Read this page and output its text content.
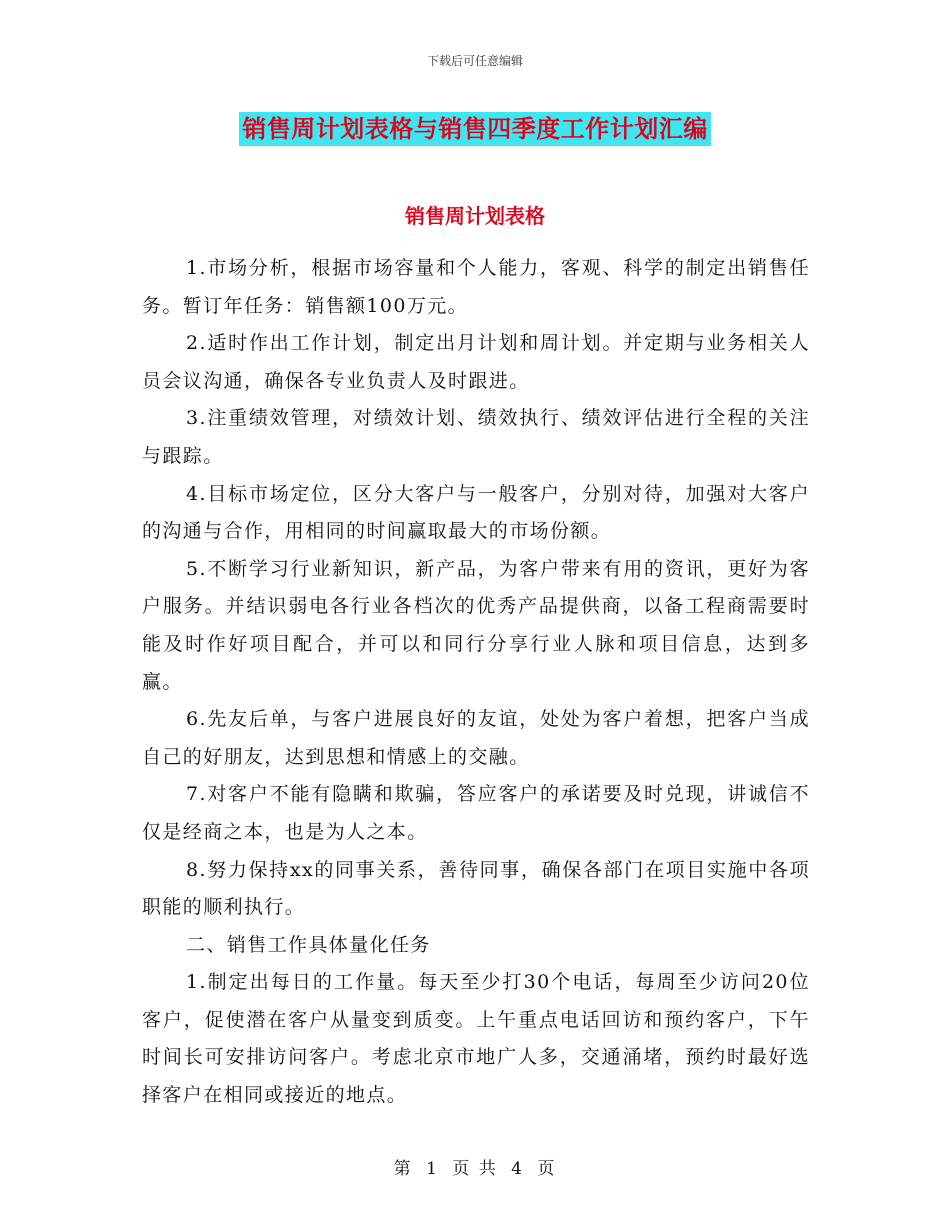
下载后可任意编辑
销售周计划表格与销售四季度工作计划汇编
销售周计划表格

1.市场分析，根据市场容量和个人能力，客观、科学的制定出销售任务。暂订年任务：销售额100万元。

2.适时作出工作计划，制定出月计划和周计划。并定期与业务相关人员会议沟通，确保各专业负责人及时跟进。

3.注重绩效管理，对绩效计划、绩效执行、绩效评估进行全程的关注与跟踪。

4.目标市场定位，区分大客户与一般客户，分别对待，加强对大客户的沟通与合作，用相同的时间赢取最大的市场份额。

5.不断学习行业新知识，新产品，为客户带来有用的资讯，更好为客户服务。并结识弱电各行业各档次的优秀产品提供商，以备工程商需要时能及时作好项目配合，并可以和同行分享行业人脉和项目信息，达到多赢。

6.先友后单，与客户进展良好的友谊，处处为客户着想，把客户当成自己的好朋友，达到思想和情感上的交融。

7.对客户不能有隐瞒和欺骗，答应客户的承诺要及时兑现，讲诚信不仅是经商之本，也是为人之本。

8.努力保持xx的同事关系，善待同事，确保各部门在项目实施中各项职能的顺利执行。

二、销售工作具体量化任务

1.制定出每日的工作量。每天至少打30个电话，每周至少访问20位客户，促使潜在客户从量变到质变。上午重点电话回访和预约客户，下午时间长可安排访问客户。考虑北京市地广人多，交通涌堵，预约时最好选择客户在相同或接近的地点。

第 1 页 共 4 页
